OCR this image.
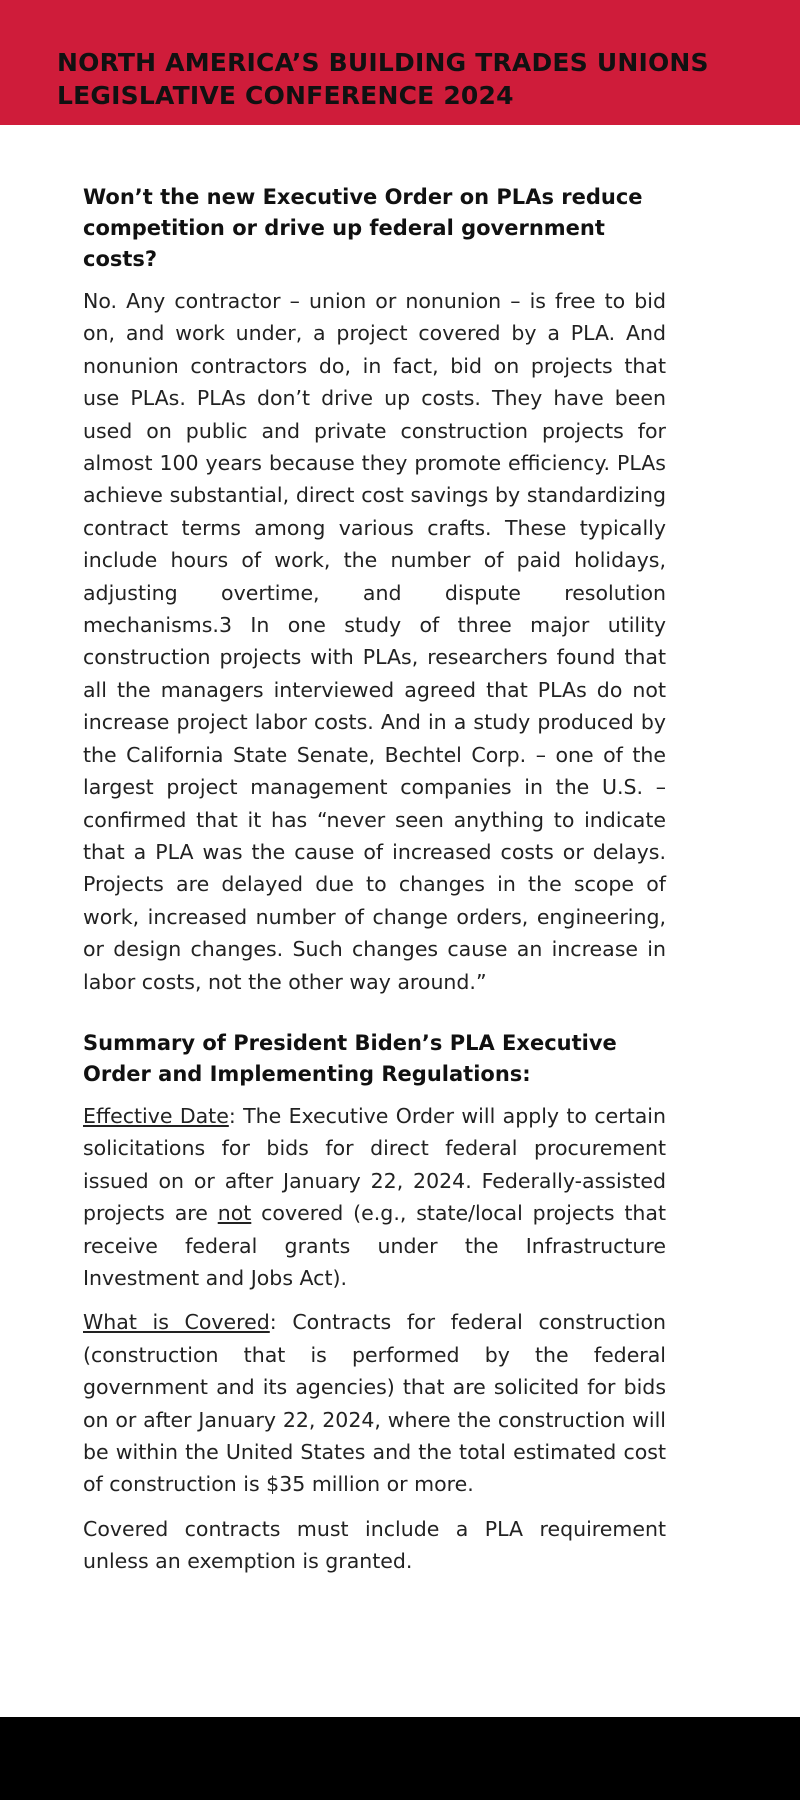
NORTH AMERICA’S BUILDING TRADES UNIONS
LEGISLATIVE CONFERENCE 2024
Won’t the new Executive Order on PLAs reduce competition or drive up federal government costs?

No. Any contractor – union or nonunion – is free to bid on, and work under, a project covered by a PLA. And nonunion contractors do, in fact, bid on projects that use PLAs. PLAs don’t drive up costs. They have been used on public and private construction projects for almost 100 years because they promote efficiency. PLAs achieve substantial, direct cost savings by standardizing contract terms among various crafts. These typically include hours of work, the number of paid holidays, adjusting overtime, and dispute resolution mechanisms.3 In one study of three major utility construction projects with PLAs, researchers found that all the managers interviewed agreed that PLAs do not increase project labor costs. And in a study produced by the California State Senate, Bechtel Corp. – one of the largest project management companies in the U.S. – confirmed that it has “never seen anything to indicate that a PLA was the cause of increased costs or delays. Projects are delayed due to changes in the scope of work, increased number of change orders, engineering, or design changes. Such changes cause an increase in labor costs, not the other way around.”

Summary of President Biden’s PLA Executive Order and Implementing Regulations:

Effective Date: The Executive Order will apply to certain solicitations for bids for direct federal procurement issued on or after January 22, 2024. Federally-assisted projects are not covered (e.g., state/local projects that receive federal grants under the Infrastructure Investment and Jobs Act).

What is Covered: Contracts for federal construction (construction that is performed by the federal government and its agencies) that are solicited for bids on or after January 22, 2024, where the construction will be within the United States and the total estimated cost of construction is $35 million or more.

Covered contracts must include a PLA requirement unless an exemption is granted.
